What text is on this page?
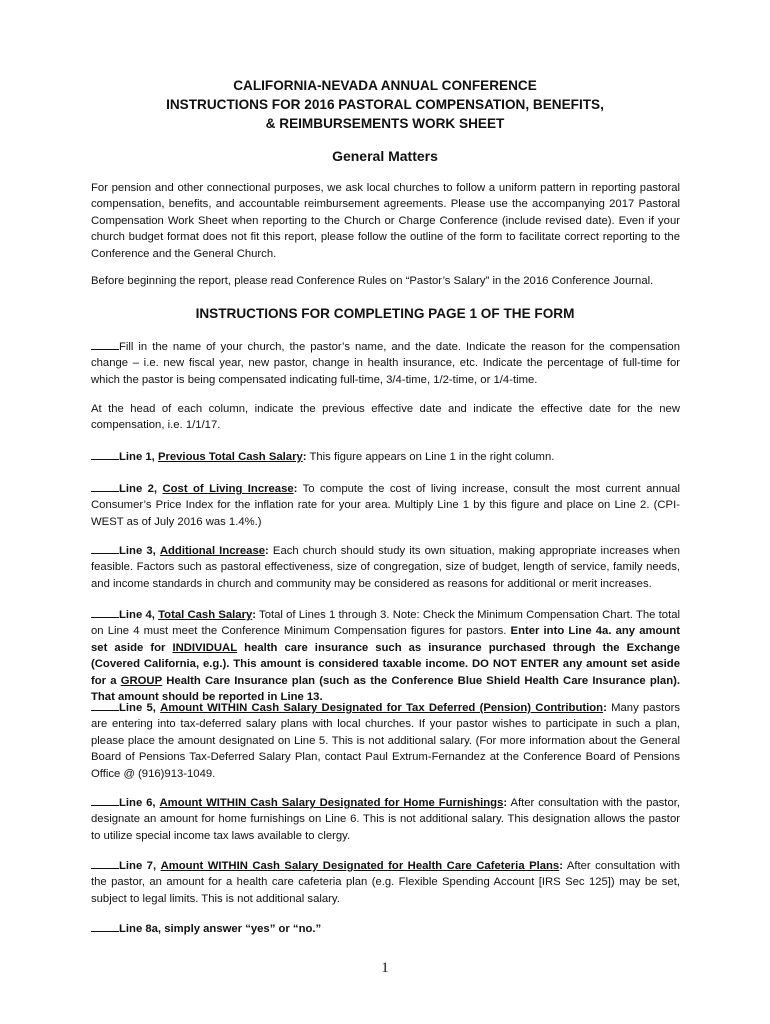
CALIFORNIA-NEVADA ANNUAL CONFERENCE
INSTRUCTIONS FOR 2016 PASTORAL COMPENSATION, BENEFITS,
& REIMBURSEMENTS WORK SHEET
General Matters
For pension and other connectional purposes, we ask local churches to follow a uniform pattern in reporting pastoral compensation, benefits, and accountable reimbursement agreements. Please use the accompanying 2017 Pastoral Compensation Work Sheet when reporting to the Church or Charge Conference (include revised date). Even if your church budget format does not fit this report, please follow the outline of the form to facilitate correct reporting to the Conference and the General Church.
Before beginning the report, please read Conference Rules on “Pastor’s Salary” in the 2016 Conference Journal.
INSTRUCTIONS FOR COMPLETING PAGE 1 OF THE FORM
Fill in the name of your church, the pastor’s name, and the date. Indicate the reason for the compensation change – i.e. new fiscal year, new pastor, change in health insurance, etc. Indicate the percentage of full-time for which the pastor is being compensated indicating full-time, 3/4-time, 1/2-time, or 1/4-time.
At the head of each column, indicate the previous effective date and indicate the effective date for the new compensation, i.e. 1/1/17.
Line 1, Previous Total Cash Salary: This figure appears on Line 1 in the right column.
Line 2, Cost of Living Increase: To compute the cost of living increase, consult the most current annual Consumer’s Price Index for the inflation rate for your area. Multiply Line 1 by this figure and place on Line 2. (CPI-WEST as of July 2016 was 1.4%.)
Line 3, Additional Increase: Each church should study its own situation, making appropriate increases when feasible. Factors such as pastoral effectiveness, size of congregation, size of budget, length of service, family needs, and income standards in church and community may be considered as reasons for additional or merit increases.
Line 4, Total Cash Salary: Total of Lines 1 through 3. Note: Check the Minimum Compensation Chart. The total on Line 4 must meet the Conference Minimum Compensation figures for pastors. Enter into Line 4a. any amount set aside for INDIVIDUAL health care insurance such as insurance purchased through the Exchange (Covered California, e.g.). This amount is considered taxable income. DO NOT ENTER any amount set aside for a GROUP Health Care Insurance plan (such as the Conference Blue Shield Health Care Insurance plan). That amount should be reported in Line 13.
Line 5, Amount WITHIN Cash Salary Designated for Tax Deferred (Pension) Contribution: Many pastors are entering into tax-deferred salary plans with local churches. If your pastor wishes to participate in such a plan, please place the amount designated on Line 5. This is not additional salary. (For more information about the General Board of Pensions Tax-Deferred Salary Plan, contact Paul Extrum-Fernandez at the Conference Board of Pensions Office @ (916)913-1049.
Line 6, Amount WITHIN Cash Salary Designated for Home Furnishings: After consultation with the pastor, designate an amount for home furnishings on Line 6. This is not additional salary. This designation allows the pastor to utilize special income tax laws available to clergy.
Line 7, Amount WITHIN Cash Salary Designated for Health Care Cafeteria Plans: After consultation with the pastor, an amount for a health care cafeteria plan (e.g. Flexible Spending Account [IRS Sec 125]) may be set, subject to legal limits. This is not additional salary.
Line 8a, simply answer “yes” or “no.”
1
